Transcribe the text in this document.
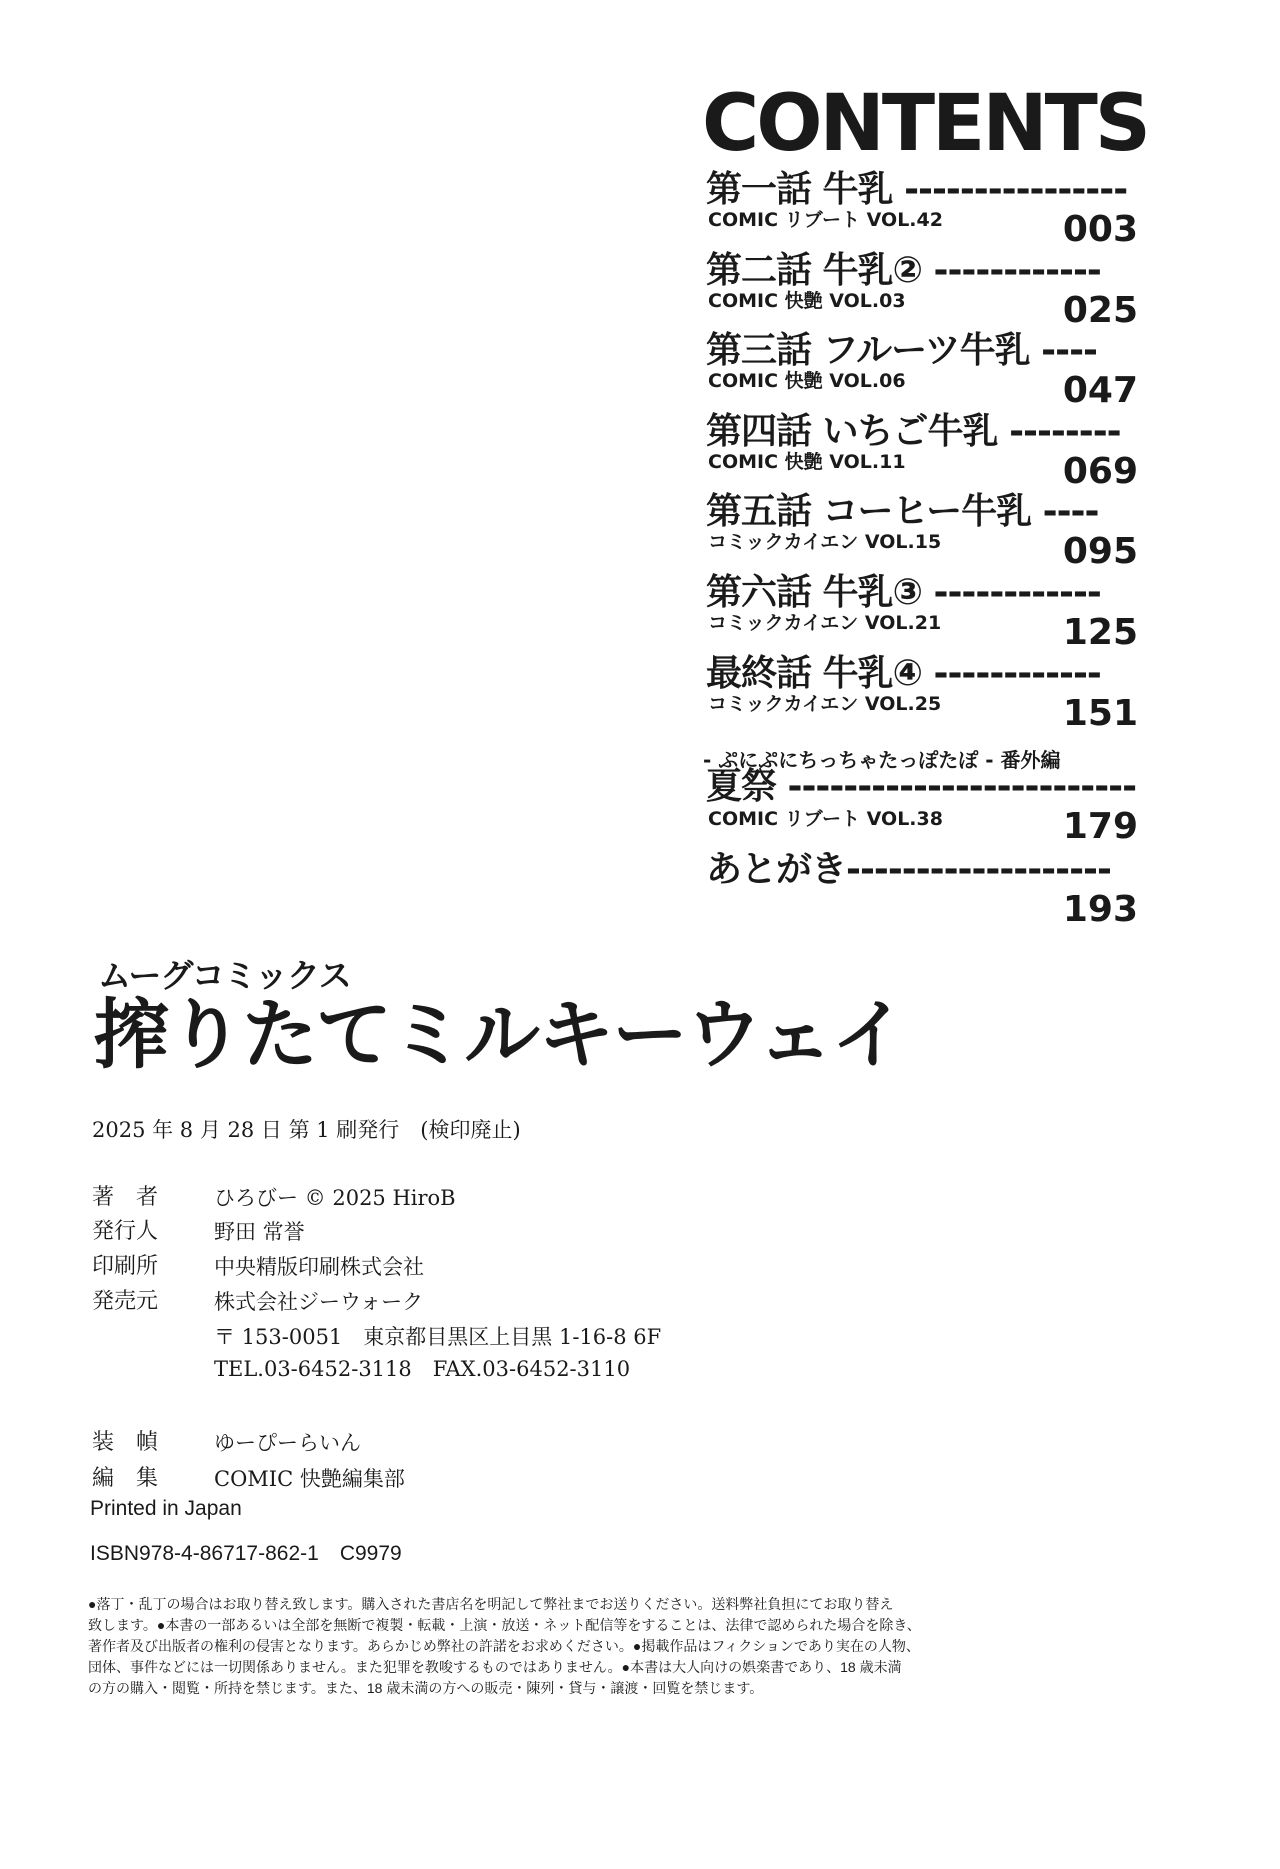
CONTENTS
第一話 牛乳 ----------------
003
COMIC リブート VOL.42
第二話 牛乳② ------------
025
COMIC 快艶 VOL.03
第三話 フルーツ牛乳 ----
047
COMIC 快艶 VOL.06
第四話 いちご牛乳 --------
069
COMIC 快艶 VOL.11
第五話 コーヒー牛乳 ----
095
コミックカイエン VOL.15
第六話 牛乳③ ------------
125
コミックカイエン VOL.21
最終話 牛乳④ ------------
151
コミックカイエン VOL.25
- ぷにぷにちっちゃたっぽたぽ - 番外編
夏祭 -------------------------
179
COMIC リブート VOL.38
あとがき-------------------
193
ムーグコミックス
搾りたてミルキーウェイ
2025 年 8 月 28 日 第 1 刷発行　(検印廃止)
著　者	ひろびー © 2025 HiroB
発行人	野田 常誉
印刷所	中央精版印刷株式会社
発売元	株式会社ジーウォーク
〒 153-0051　東京都目黒区上目黒 1-16-8 6F
TEL.03-6452-3118　FAX.03-6452-3110
装　幀	ゆーぴーらいん
編　集	COMIC 快艶編集部
Printed in Japan
ISBN978-4-86717-862-1　C9979
●落丁・乱丁の場合はお取り替え致します。購入された書店名を明記して弊社までお送りください。送料弊社負担にてお取り替え
致します。●本書の一部あるいは全部を無断で複製・転載・上演・放送・ネット配信等をすることは、法律で認められた場合を除き、
著作者及び出版者の権利の侵害となります。あらかじめ弊社の許諾をお求めください。●掲載作品はフィクションであり実在の人物、
団体、事件などには一切関係ありません。また犯罪を教唆するものではありません。●本書は大人向けの娯楽書であり、18 歳未満
の方の購入・閲覧・所持を禁じます。また、18 歳未満の方への販売・陳列・貸与・譲渡・回覧を禁じます。
